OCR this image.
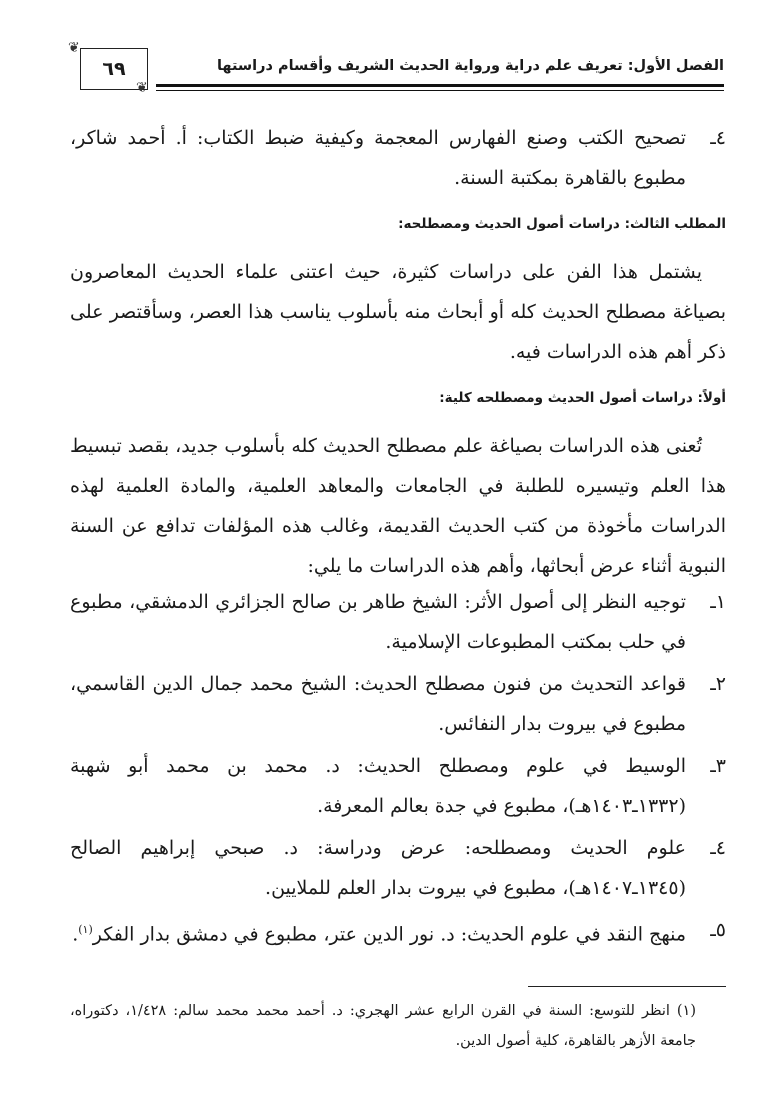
❦
٦٩
❦
الفصل الأول: تعريف علم دراية ورواية الحديث الشريف وأقسام دراستها
٤ـ
تصحيح الكتب وصنع الفهارس المعجمة وكيفية ضبط الكتاب: أ. أحمد شاكر، مطبوع بالقاهرة بمكتبة السنة.
المطلب الثالث: دراسات أصول الحديث ومصطلحه:
يشتمل هذا الفن على دراسات كثيرة، حيث اعتنى علماء الحديث المعاصرون بصياغة مصطلح الحديث كله أو أبحاث منه بأسلوب يناسب هذا العصر، وسأقتصر على ذكر أهم هذه الدراسات فيه.
أولاً: دراسات أصول الحديث ومصطلحه كلية:
تُعنى هذه الدراسات بصياغة علم مصطلح الحديث كله بأسلوب جديد، بقصد تبسيط هذا العلم وتيسيره للطلبة في الجامعات والمعاهد العلمية، والمادة العلمية لهذه الدراسات مأخوذة من كتب الحديث القديمة، وغالب هذه المؤلفات تدافع عن السنة النبوية أثناء عرض أبحاثها، وأهم هذه الدراسات ما يلي:
١ـ
توجيه النظر إلى أصول الأثر: الشيخ طاهر بن صالح الجزائري الدمشقي، مطبوع في حلب بمكتب المطبوعات الإسلامية.
٢ـ
قواعد التحديث من فنون مصطلح الحديث: الشيخ محمد جمال الدين القاسمي، مطبوع في بيروت بدار النفائس.
٣ـ
الوسيط في علوم ومصطلح الحديث: د. محمد بن محمد أبو شهبة (١٣٣٢ـ١٤٠٣هـ)، مطبوع في جدة بعالم المعرفة.
٤ـ
علوم الحديث ومصطلحه: عرض ودراسة: د. صبحي إبراهيم الصالح (١٣٤٥ـ١٤٠٧هـ)، مطبوع في بيروت بدار العلم للملايين.
٥ـ
منهج النقد في علوم الحديث: د. نور الدين عتر، مطبوع في دمشق بدار الفكر$^{(١)}$.
(١) انظر للتوسع: السنة في القرن الرابع عشر الهجري: د. أحمد محمد محمد سالم: ١/٤٢٨، دكتوراه، جامعة الأزهر بالقاهرة، كلية أصول الدين.
